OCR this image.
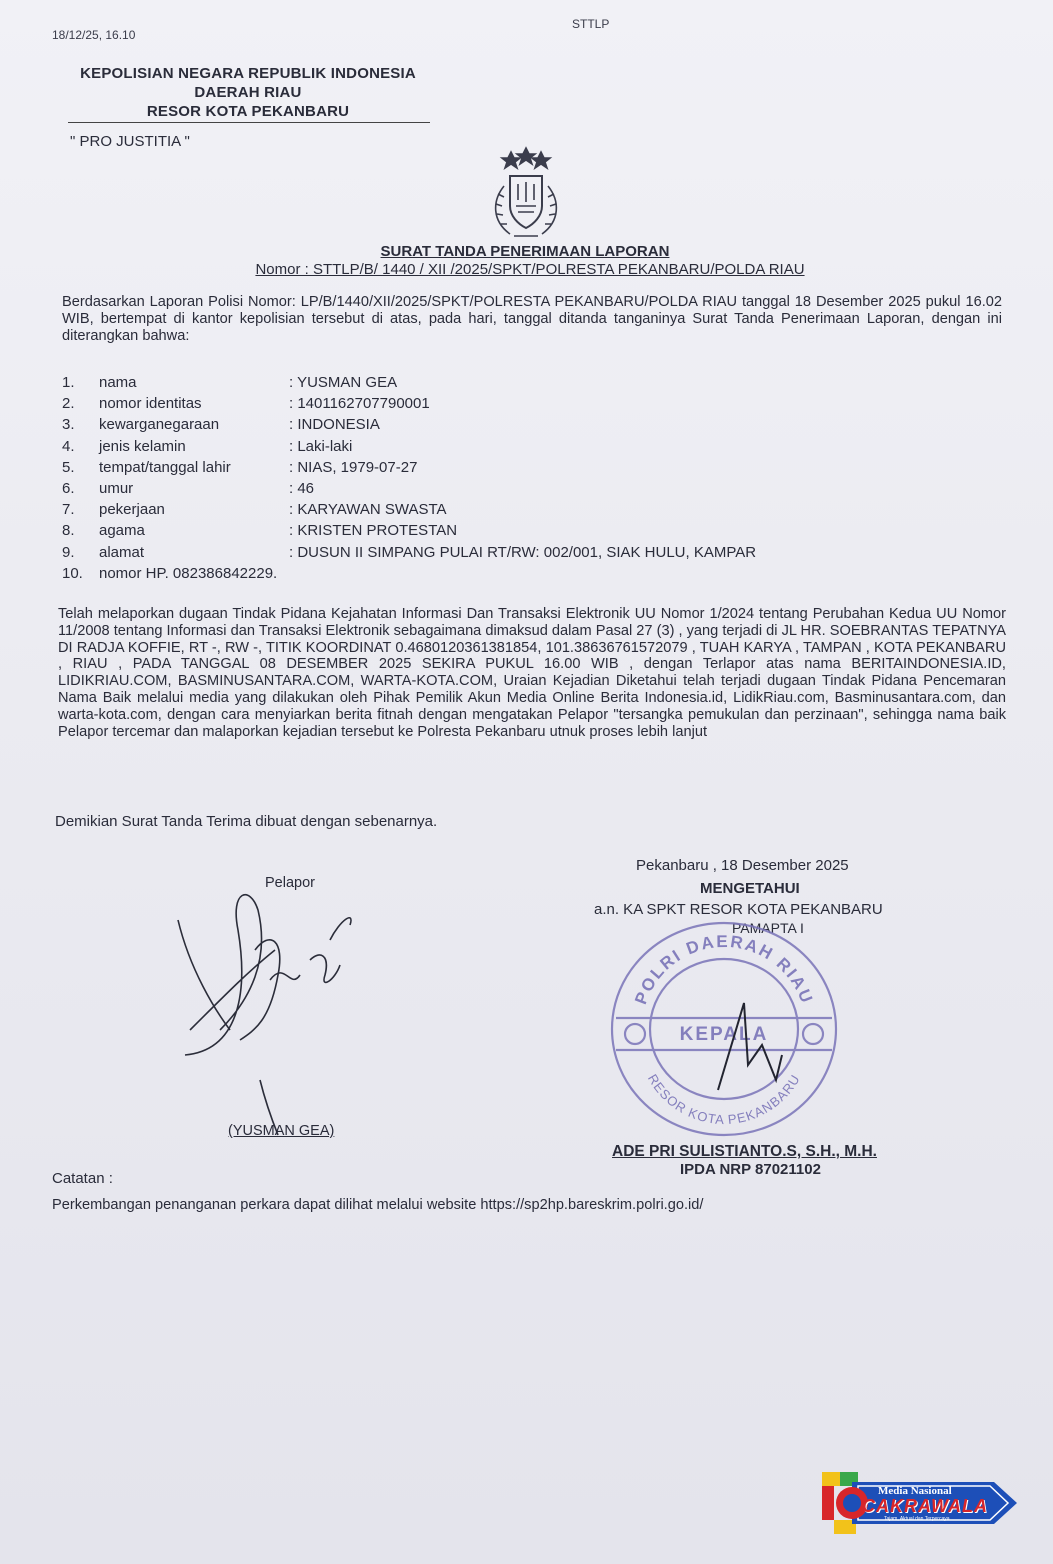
18/12/25, 16.10
STTLP
KEPOLISIAN NEGARA REPUBLIK INDONESIA
DAERAH RIAU
RESOR KOTA PEKANBARU
" PRO JUSTITIA "
SURAT TANDA PENERIMAAN LAPORAN
Nomor : STTLP/B/ 1440 / XII /2025/SPKT/POLRESTA PEKANBARU/POLDA RIAU
Berdasarkan Laporan Polisi Nomor: LP/B/1440/XII/2025/SPKT/POLRESTA PEKANBARU/POLDA RIAU tanggal 18 Desember 2025 pukul 16.02 WIB, bertempat di kantor kepolisian tersebut di atas, pada hari, tanggal ditanda tanganinya Surat Tanda Penerimaan Laporan, dengan ini diterangkan bahwa:
1.	nama	: YUSMAN GEA
2.	nomor identitas	: 1401162707790001
3.	kewarganegaraan	: INDONESIA
4.	jenis kelamin	: Laki-laki
5.	tempat/tanggal lahir	: NIAS, 1979-07-27
6.	umur	: 46
7.	pekerjaan	: KARYAWAN SWASTA
8.	agama	: KRISTEN PROTESTAN
9.	alamat	: DUSUN II SIMPANG PULAI RT/RW: 002/001, SIAK HULU, KAMPAR
10.	nomor HP. 082386842229.
Telah melaporkan dugaan Tindak Pidana Kejahatan Informasi Dan Transaksi Elektronik UU Nomor 1/2024 tentang Perubahan Kedua UU Nomor 11/2008 tentang Informasi dan Transaksi Elektronik sebagaimana dimaksud dalam Pasal 27 (3) , yang terjadi di JL HR. SOEBRANTAS TEPATNYA DI RADJA KOFFIE, RT -, RW -, TITIK KOORDINAT 0.4680120361381854, 101.38636761572079 , TUAH KARYA , TAMPAN , KOTA PEKANBARU , RIAU , PADA TANGGAL 08 DESEMBER 2025 SEKIRA PUKUL 16.00 WIB , dengan Terlapor atas nama BERITAINDONESIA.ID, LIDIKRIAU.COM, BASMINUSANTARA.COM, WARTA-KOTA.COM, Uraian Kejadian Diketahui telah terjadi dugaan Tindak Pidana Pencemaran Nama Baik melalui media yang dilakukan oleh Pihak Pemilik Akun Media Online Berita Indonesia.id, LidikRiau.com, Basminusantara.com, dan warta-kota.com, dengan cara menyiarkan berita fitnah dengan mengatakan Pelapor "tersangka pemukulan dan perzinaan", sehingga nama baik Pelapor tercemar dan malaporkan kejadian tersebut ke Polresta Pekanbaru utnuk proses lebih lanjut
Demikian Surat Tanda Terima dibuat dengan sebenarnya.
Pelapor
(YUSMAN GEA)
Pekanbaru , 18 Desember 2025
MENGETAHUI
a.n. KA SPKT RESOR KOTA PEKANBARU
PAMAPTA I
POLRI DAERAH RIAU
KEPALA
RESOR KOTA PEKANBARU
ADE PRI SULISTIANTO.S, S.H., M.H.
IPDA NRP 87021102
Catatan :
Perkembangan penanganan perkara dapat dilihat melalui website https://sp2hp.bareskrim.polri.go.id/
Media Nasional
CAKRAWALA
Tajam, Aktual dan Terpercaya
